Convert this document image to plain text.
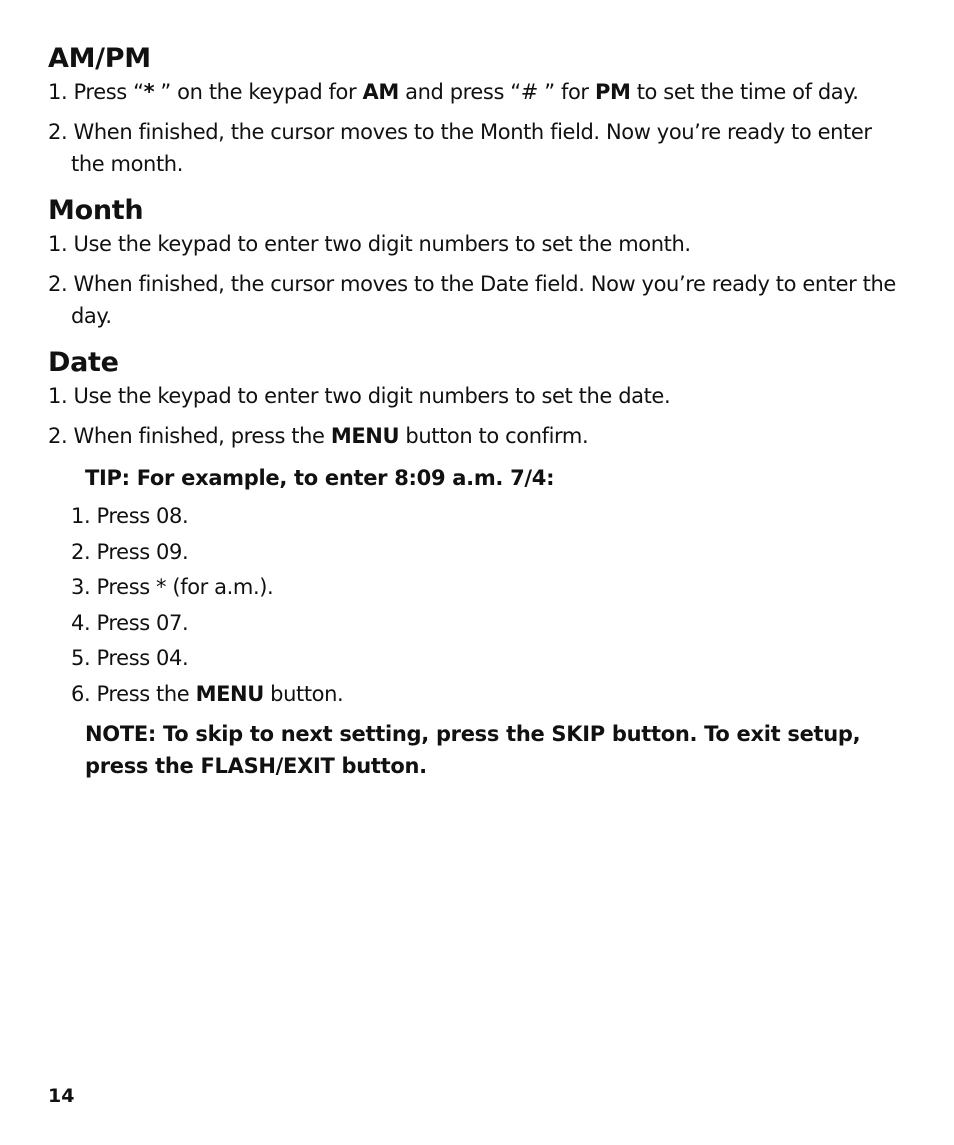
AM/PM

1. Press “* ” on the keypad for AM and press “# ” for PM to set the time of day.

2. When finished, the cursor moves to the Month field. Now you’re ready to enter the month.

Month

1. Use the keypad to enter two digit numbers to set the month.

2. When finished, the cursor moves to the Date field. Now you’re ready to enter the day.

Date

1. Use the keypad to enter two digit numbers to set the date.

2. When finished, press the MENU button to confirm.

TIP: For example, to enter 8:09 a.m. 7/4:

1. Press 08.

2. Press 09.

3. Press * (for a.m.).

4. Press 07.

5. Press 04.

6. Press the MENU button.

NOTE: To skip to next setting, press the SKIP button. To exit setup, press the FLASH/EXIT button.

14
